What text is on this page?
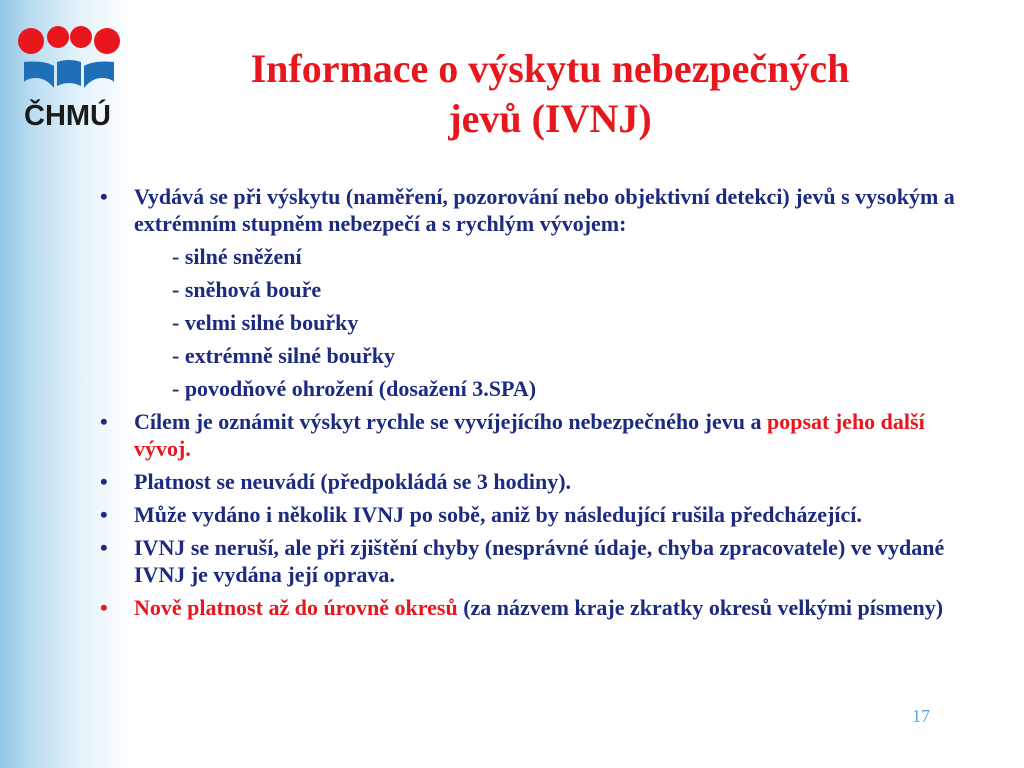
ČHMÚ
Informace o výskytu nebezpečných
jevů (IVNJ)
• Vydává se při výskytu (naměření, pozorování nebo objektivní detekci) jevů s vysokým a extrémním stupněm nebezpečí a s rychlým vývojem:
- silné sněžení
- sněhová bouře
- velmi silné bouřky
- extrémně silné bouřky
- povodňové ohrožení (dosažení 3.SPA)
• Cílem je oznámit výskyt rychle se vyvíjejícího nebezpečného jevu a popsat jeho další vývoj.
• Platnost se neuvádí (předpokládá se 3 hodiny).
• Může vydáno i několik IVNJ po sobě, aniž by následující rušila předcházející.
• IVNJ se neruší, ale při zjištění chyby (nesprávné údaje, chyba zpracovatele) ve vydané IVNJ je vydána její oprava.
• Nově platnost až do úrovně okresů (za názvem kraje zkratky okresů velkými písmeny)
17
